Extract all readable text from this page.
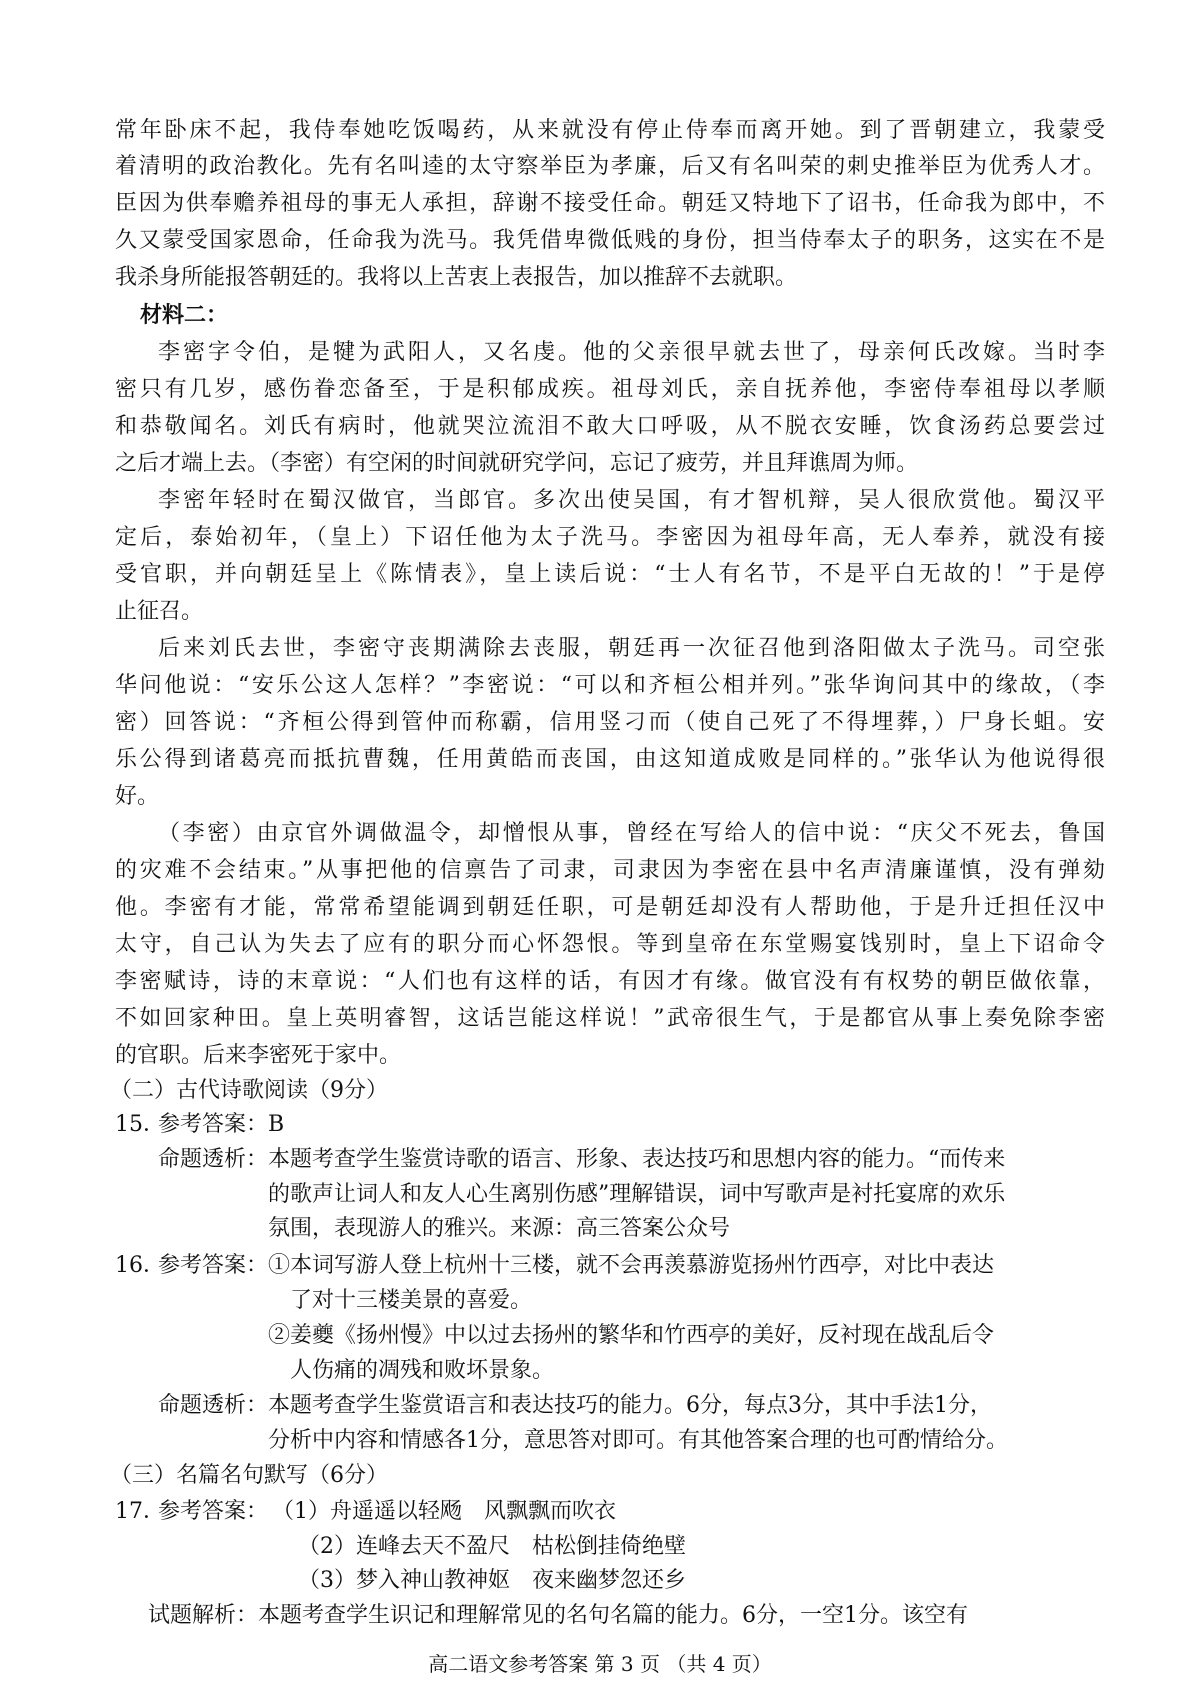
常年卧床不起，我侍奉她吃饭喝药，从来就没有停止侍奉而离开她。到了晋朝建立，我蒙受

着清明的政治教化。先有名叫逵的太守察举臣为孝廉，后又有名叫荣的刺史推举臣为优秀人才。

臣因为供奉赡养祖母的事无人承担，辞谢不接受任命。朝廷又特地下了诏书，任命我为郎中，不

久又蒙受国家恩命，任命我为洗马。我凭借卑微低贱的身份，担当侍奉太子的职务，这实在不是

我杀身所能报答朝廷的。我将以上苦衷上表报告，加以推辞不去就职。

材料二：

李密字令伯，是犍为武阳人，又名虔。他的父亲很早就去世了，母亲何氏改嫁。当时李

密只有几岁，感伤眷恋备至，于是积郁成疾。祖母刘氏，亲自抚养他，李密侍奉祖母以孝顺

和恭敬闻名。刘氏有病时，他就哭泣流泪不敢大口呼吸，从不脱衣安睡，饮食汤药总要尝过

之后才端上去。（李密）有空闲的时间就研究学问，忘记了疲劳，并且拜谯周为师。

李密年轻时在蜀汉做官，当郎官。多次出使吴国，有才智机辩，吴人很欣赏他。蜀汉平

定后，泰始初年，（皇上）下诏任他为太子洗马。李密因为祖母年高，无人奉养，就没有接

受官职，并向朝廷呈上《陈情表》，皇上读后说：“士人有名节，不是平白无故的！”于是停

止征召。

后来刘氏去世，李密守丧期满除去丧服，朝廷再一次征召他到洛阳做太子洗马。司空张

华问他说：“安乐公这人怎样？”李密说：“可以和齐桓公相并列。”张华询问其中的缘故，（李

密）回答说：“齐桓公得到管仲而称霸，信用竖刁而（使自己死了不得埋葬，）尸身长蛆。安

乐公得到诸葛亮而抵抗曹魏，任用黄皓而丧国，由这知道成败是同样的。”张华认为他说得很

好。

（李密）由京官外调做温令，却憎恨从事，曾经在写给人的信中说：“庆父不死去，鲁国

的灾难不会结束。”从事把他的信禀告了司隶，司隶因为李密在县中名声清廉谨慎，没有弹劾

他。李密有才能，常常希望能调到朝廷任职，可是朝廷却没有人帮助他，于是升迁担任汉中

太守，自己认为失去了应有的职分而心怀怨恨。等到皇帝在东堂赐宴饯别时，皇上下诏命令

李密赋诗，诗的末章说：“人们也有这样的话，有因才有缘。做官没有有权势的朝臣做依靠，

不如回家种田。皇上英明睿智，这话岂能这样说！”武帝很生气，于是都官从事上奏免除李密

的官职。后来李密死于家中。

（二）古代诗歌阅读（9分）

15．
参考答案： B
命题透析： 本题考查学生鉴赏诗歌的语言、形象、表达技巧和思想内容的能力。“而传来
的歌声让词人和友人心生离别伤感”理解错误，词中写歌声是衬托宴席的欢乐
氛围，表现游人的雅兴。来源：高三答案公众号
16．
参考答案： ①本词写游人登上杭州十三楼，就不会再羡慕游览扬州竹西亭，对比中表达
了对十三楼美景的喜爱。
②姜夔《扬州慢》中以过去扬州的繁华和竹西亭的美好，反衬现在战乱后令
人伤痛的凋残和败坏景象。
命题透析： 本题考查学生鉴赏语言和表达技巧的能力。6分，每点3分，其中手法1分，
分析中内容和情感各1分，意思答对即可。有其他答案合理的也可酌情给分。

（三）名篇名句默写（6分）

17．
参考答案： （1）舟遥遥以轻飏　风飘飘而吹衣
（2）连峰去天不盈尺　枯松倒挂倚绝壁
（3）梦入神山教神妪　夜来幽梦忽还乡
试题解析： 本题考查学生识记和理解常见的名句名篇的能力。6分，一空1分。该空有
高二语文参考答案 第 3 页 （共 4 页）
